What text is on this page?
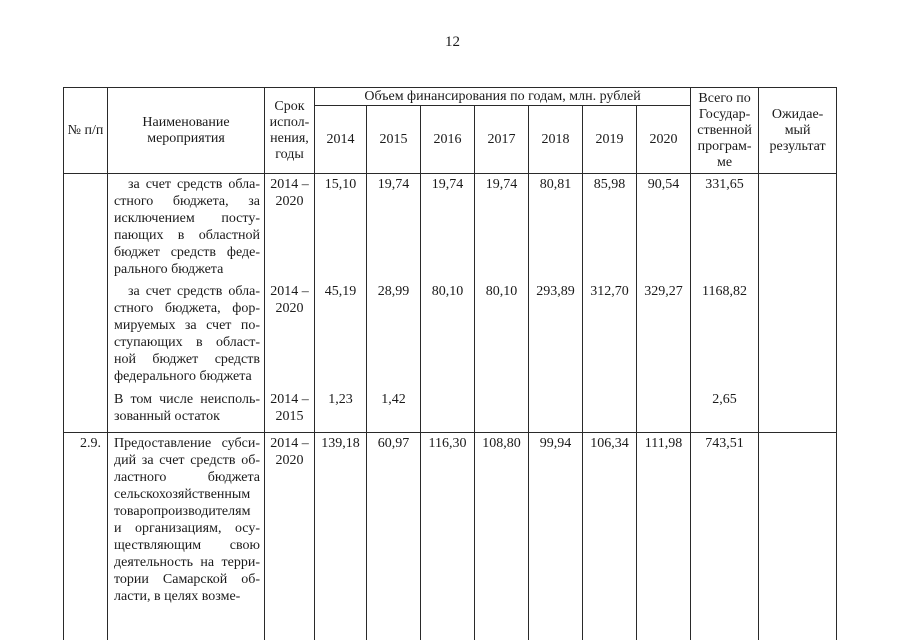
12
№ п/п	Наименование мероприятия	Срок испол-нения, годы	Объем финансирования по годам, млн. рублей							Всего по Государ-ственной програм-ме	Ожидае-мый результат
			2014	2015	2016	2017	2018	2019	2020		
	за счет средств обла-стного бюджета, за исключением посту-пающих в областной бюджет средств феде-рального бюджета	2014 – 2020	15,10	19,74	19,74	19,74	80,81	85,98	90,54	331,65	
	за счет средств обла-стного бюджета, фор-мируемых за счет по-ступающих в област-ной бюджет средств федерального бюджета	2014 – 2020	45,19	28,99	80,10	80,10	293,89	312,70	329,27	1168,82	
	В том числе неисполь-зованный остаток	2014 – 2015	1,23	1,42						2,65	

2.9.	Предоставление субси-дий за счет средств об-ластного бюджета сельскохозяйственным товаропроизводителям и организациям, осу-ществляющим свою деятельность на терри-тории Самарской об-ласти, в целях возме-	2014 – 2020	139,18	60,97	116,30	108,80	99,94	106,34	111,98	743,51	
